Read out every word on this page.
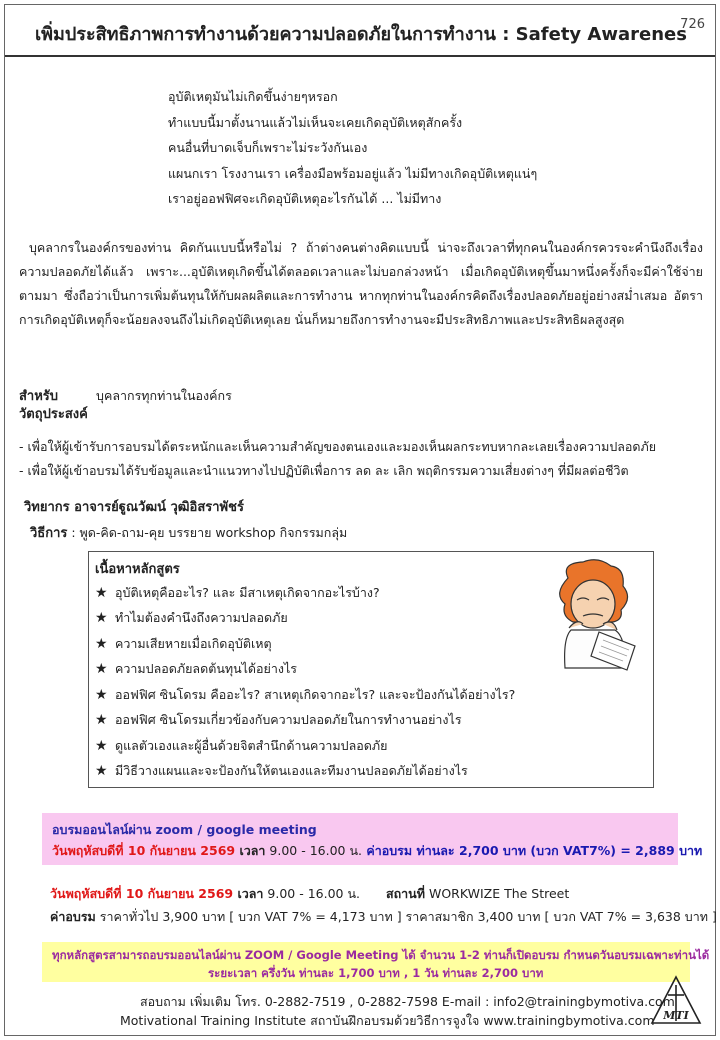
เพิ่มประสิทธิภาพการทำงานด้วยความปลอดภัยในการทำงาน : Safety Awarenes
726
อุบัติเหตุมันไม่เกิดขึ้นง่ายๆหรอก
ทำแบบนี้มาตั้งนานแล้วไม่เห็นจะเคยเกิดอุบัติเหตุสักครั้ง
คนอื่นที่บาดเจ็บก็เพราะไม่ระวังกันเอง
แผนกเรา โรงงานเรา เครื่องมือพร้อมอยู่แล้ว ไม่มีทางเกิดอุบัติเหตุแน่ๆ
เราอยู่ออฟฟิศจะเกิดอุบัติเหตุอะไรกันได้ ... ไม่มีทาง
บุคลากรในองค์กรของท่าน คิดกันแบบนี้หรือไม่ ? ถ้าต่างคนต่างคิดแบบนี้ น่าจะถึงเวลาที่ทุกคนในองค์กรควรจะคำนึงถึงเรื่องความปลอดภัยได้แล้ว เพราะ...อุบัติเหตุเกิดขึ้นได้ตลอดเวลาและไม่บอกล่วงหน้า เมื่อเกิดอุบัติเหตุขึ้นมาหนึ่งครั้งก็จะมีค่าใช้จ่ายตามมา ซึ่งถือว่าเป็นการเพิ่มต้นทุนให้กับผลผลิตและการทำงาน หากทุกท่านในองค์กรคิดถึงเรื่องปลอดภัยอยู่อย่างสม่ำเสมอ อัตราการเกิดอุบัติเหตุก็จะน้อยลงจนถึงไม่เกิดอุบัติเหตุเลย นั่นก็หมายถึงการทำงานจะมีประสิทธิภาพและประสิทธิผลสูงสุด
สำหรับ	บุคลากรทุกท่านในองค์กร
วัตถุประสงค์
- เพื่อให้ผู้เข้ารับการอบรมได้ตระหนักและเห็นความสำคัญของตนเองและมองเห็นผลกระทบหากละเลยเรื่องความปลอดภัย
- เพื่อให้ผู้เข้าอบรมได้รับข้อมูลและนำแนวทางไปปฏิบัติเพื่อการ ลด ละ เลิก พฤติกรรมความเสี่ยงต่างๆ ที่มีผลต่อชีวิต
วิทยากร อาจารย์ฐูณวัฒน์ วุฒิอิสราพัชร์
วิธีการ : พูด-คิด-ถาม-คุย บรรยาย workshop กิจกรรมกลุ่ม
เนื้อหาหลักสูตร
★ อุบัติเหตุคืออะไร? และ มีสาเหตุเกิดจากอะไรบ้าง?
★ ทำไมต้องคำนึงถึงความปลอดภัย
★ ความเสียหายเมื่อเกิดอุบัติเหตุ
★ ความปลอดภัยลดต้นทุนได้อย่างไร
★ ออฟฟิศ ซินโดรม คืออะไร? สาเหตุเกิดจากอะไร? และจะป้องกันได้อย่างไร?
★ ออฟฟิศ ซินโดรมเกี่ยวข้องกับความปลอดภัยในการทำงานอย่างไร
★ ดูแลตัวเองและผู้อื่นด้วยจิตสำนึกด้านความปลอดภัย
★ มีวิธีวางแผนและจะป้องกันให้ตนเองและทีมงานปลอดภัยได้อย่างไร
อบรมออนไลน์ผ่าน zoom / google meeting
วันพฤหัสบดีที่ 10 กันยายน 2569 เวลา 9.00 - 16.00 น. ค่าอบรม ท่านละ 2,700 บาท (บวก VAT7%) = 2,889 บาท
วันพฤหัสบดีที่ 10 กันยายน 2569 เวลา 9.00 - 16.00 น. สถานที่ WORKWIZE The Street
ค่าอบรม ราคาทั่วไป 3,900 บาท [ บวก VAT 7% = 4,173 บาท ] ราคาสมาชิก 3,400 บาท [ บวก VAT 7% = 3,638 บาท ]
ทุกหลักสูตรสามารถอบรมออนไลน์ผ่าน ZOOM / Google Meeting ได้ จำนวน 1-2 ท่านก็เปิดอบรม กำหนดวันอบรมเฉพาะท่านได้
ระยะเวลา ครึ่งวัน ท่านละ 1,700 บาท , 1 วัน ท่านละ 2,700 บาท
สอบถาม เพิ่มเติม โทร. 0-2882-7519 , 0-2882-7598 E-mail : info2@trainingbymotiva.com
Motivational Training Institute สถาบันฝึกอบรมด้วยวิธีการจูงใจ www.trainingbymotiva.com MTI
